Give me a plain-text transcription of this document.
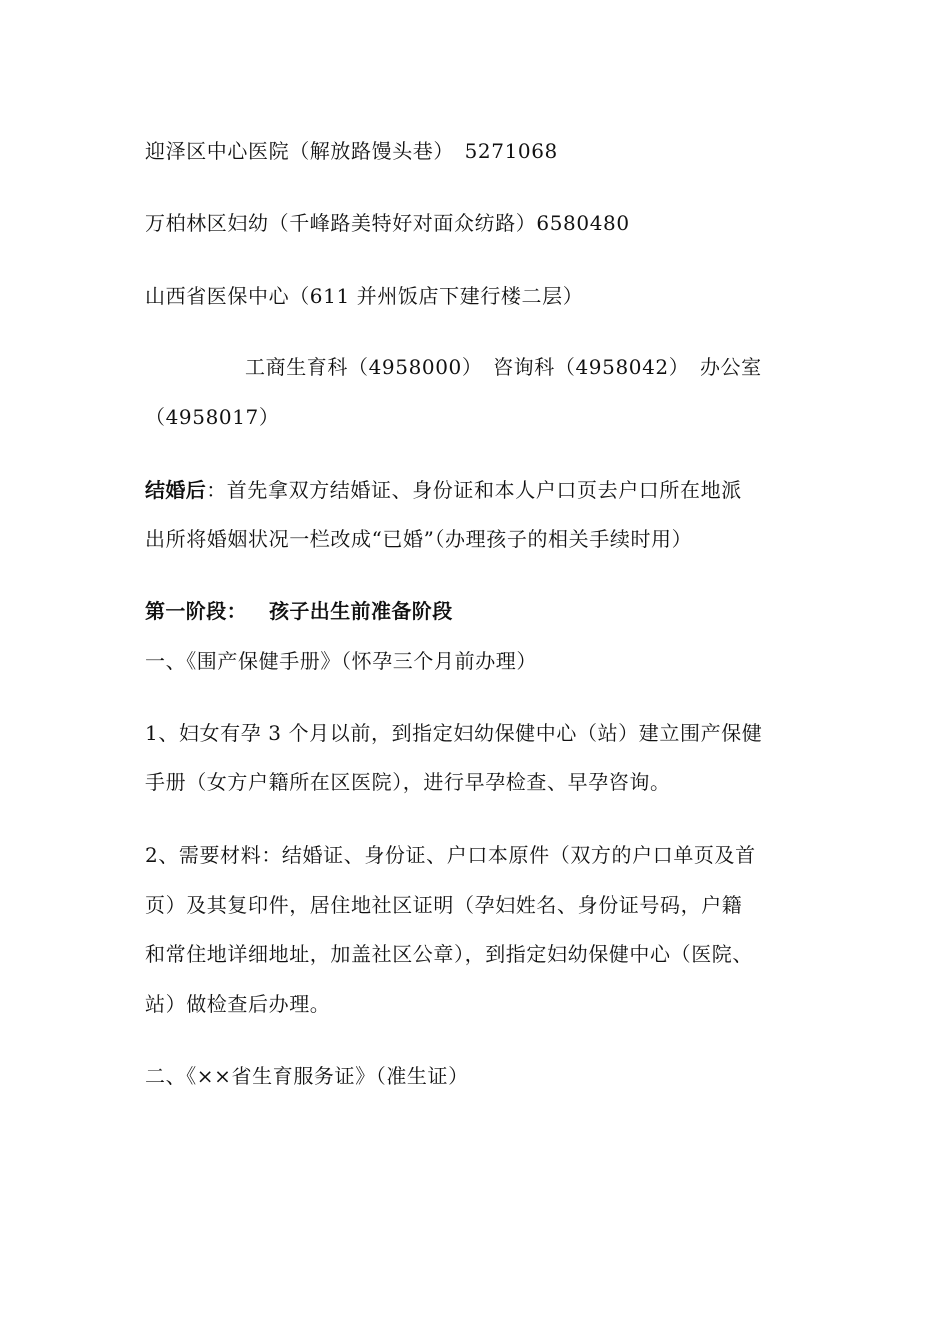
迎泽区中心医院（解放路馒头巷）　5271068
万柏林区妇幼（千峰路美特好对面众纺路）6580480
山西省医保中心（611 并州饭店下建行楼二层）
工商生育科（4958000）　咨询科（4958042）　办公室
（4958017）
结婚后：首先拿双方结婚证、身份证和本人户口页去户口所在地派
出所将婚姻状况一栏改成“已婚”（办理孩子的相关手续时用）
第一阶段： 孩子出生前准备阶段
一、《围产保健手册》（怀孕三个月前办理）
1、妇女有孕 3 个月以前，到指定妇幼保健中心（站）建立围产保健
手册（女方户籍所在区医院），进行早孕检查、早孕咨询。
2、需要材料：结婚证、身份证、户口本原件（双方的户口单页及首
页）及其复印件，居住地社区证明（孕妇姓名、身份证号码，户籍
和常住地详细地址，加盖社区公章），到指定妇幼保健中心（医院、
站）做检查后办理。
二、《××省生育服务证》（准生证）
